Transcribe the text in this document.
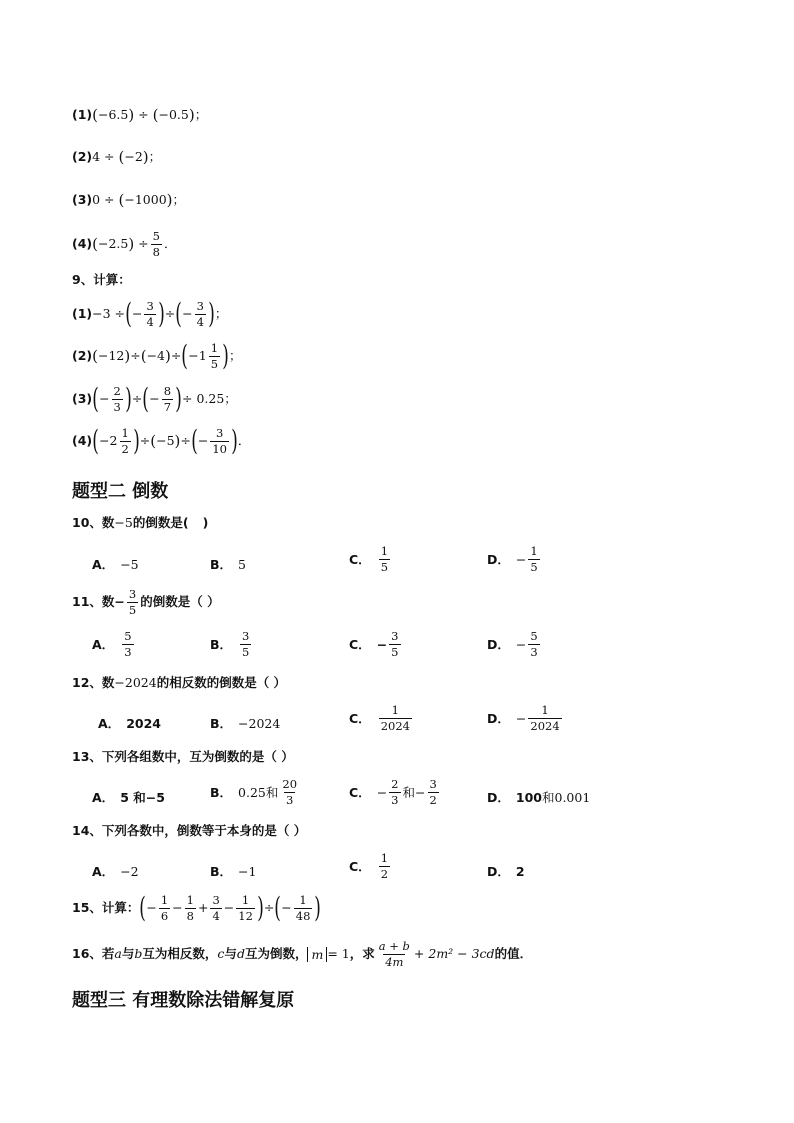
(1) ( −6.5 ) ÷ ( −0.5 ) ；
(2) 4 ÷ ( −2 ) ；
(3) 0 ÷ ( −1000 ) ；
(4) ( −2.5 ) ÷ $\frac{5}{8}$ ．
9、计算：
(1) −3 ÷ ( − $\frac{3}{4}$ ) ÷ ( − $\frac{3}{4}$ ) ；
(2) ( −12 ) ÷ ( −4 ) ÷ ( $-1 \frac{1}{5}$ ) ；
(3) ( − $\frac{2}{3}$ ) ÷ ( − $\frac{8}{7}$ ) ÷ 0.25 ；
(4) ( $-2 \frac{1}{2}$ ) ÷ ( −5 ) ÷ ( − $\frac{3}{10}$ ) ．
题型二 倒数
10、数 −5 的倒数是( )
A． −5	B． 5	C． $\frac{1}{5}$	D． − $\frac{1}{5}$
11、数 − $\frac{3}{5}$ 的倒数是（ ）
A． $\frac{5}{3}$	B． $\frac{3}{5}$	C． − $\frac{3}{5}$	D． − $\frac{5}{3}$
12、数 −2024 的相反数的倒数是（ ）
A． 2024	B． −2024	C． $\frac{1}{2024}$	D． − $\frac{1}{2024}$
13、下列各组数中，互为倒数的是（ ）
A． 5 和−5	B． 0.25 和 $\frac{20}{3}$	C． − $\frac{2}{3}$ 和 − $\frac{3}{2}$	D． 100 和 0.001
14、下列各数中，倒数等于本身的是（ ）
A． −2	B． −1	C． $\frac{1}{2}$	D． 2
15、计算： ( − $\frac{1}{6} - \frac{1}{8} + \frac{3}{4} - \frac{1}{12}$ ) ÷ ( − $\frac{1}{48}$ )
16、若 a 与 b 互为相反数， c 与 d 互为倒数， m = 1 ，求 $\frac{a + b}{4m} + 2m^2 - 3cd$ 的值．
题型三 有理数除法错解复原
